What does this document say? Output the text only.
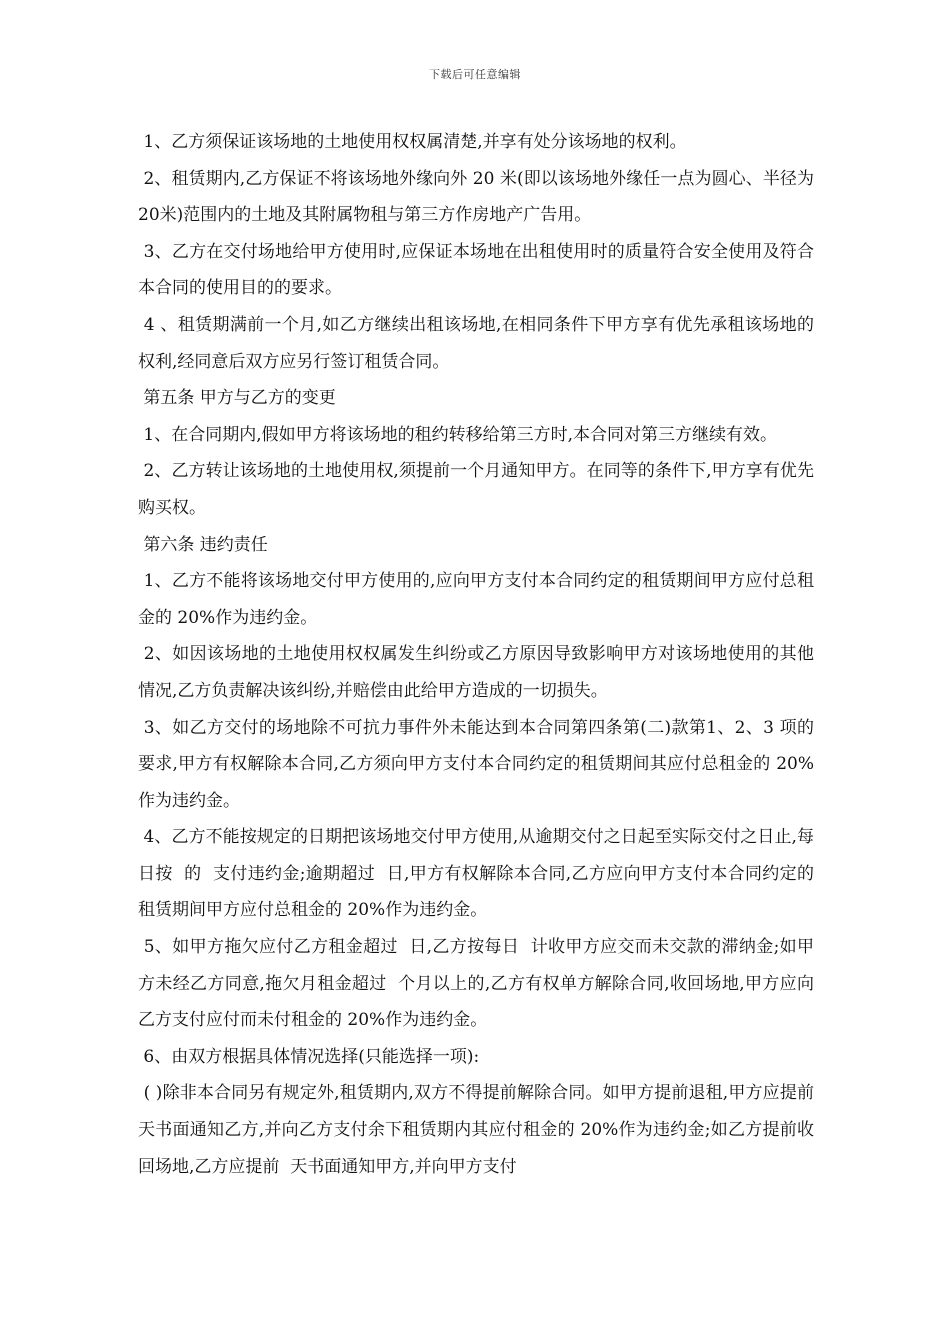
下载后可任意编辑

1、乙方须保证该场地的土地使用权权属清楚,并享有处分该场地的权利。

2、租赁期内,乙方保证不将该场地外缘向外 20 米(即以该场地外缘任一点为圆心、半径为20米)范围内的土地及其附属物租与第三方作房地产广告用。

3、乙方在交付场地给甲方使用时,应保证本场地在出租使用时的质量符合安全使用及符合本合同的使用目的的要求。

4 、租赁期满前一个月,如乙方继续出租该场地,在相同条件下甲方享有优先承租该场地的权利,经同意后双方应另行签订租赁合同。

第五条 甲方与乙方的变更

1、在合同期内,假如甲方将该场地的租约转移给第三方时,本合同对第三方继续有效。

2、乙方转让该场地的土地使用权,须提前一个月通知甲方。在同等的条件下,甲方享有优先购买权。

第六条 违约责任

1、乙方不能将该场地交付甲方使用的,应向甲方支付本合同约定的租赁期间甲方应付总租金的 20%作为违约金。

2、如因该场地的土地使用权权属发生纠纷或乙方原因导致影响甲方对该场地使用的其他情况,乙方负责解决该纠纷,并赔偿由此给甲方造成的一切损失。

3、如乙方交付的场地除不可抗力事件外未能达到本合同第四条第(二)款第1、2、3 项的要求,甲方有权解除本合同,乙方须向甲方支付本合同约定的租赁期间其应付总租金的 20%作为违约金。

4、乙方不能按规定的日期把该场地交付甲方使用,从逾期交付之日起至实际交付之日止,每日按  的  支付违约金;逾期超过  日,甲方有权解除本合同,乙方应向甲方支付本合同约定的租赁期间甲方应付总租金的 20%作为违约金。

5、如甲方拖欠应付乙方租金超过  日,乙方按每日  计收甲方应交而未交款的滞纳金;如甲方未经乙方同意,拖欠月租金超过  个月以上的,乙方有权单方解除合同,收回场地,甲方应向乙方支付应付而未付租金的 20%作为违约金。

6、由双方根据具体情况选择(只能选择一项):

( )除非本合同另有规定外,租赁期内,双方不得提前解除合同。如甲方提前退租,甲方应提前  天书面通知乙方,并向乙方支付余下租赁期内其应付租金的 20%作为违约金;如乙方提前收回场地,乙方应提前  天书面通知甲方,并向甲方支付
